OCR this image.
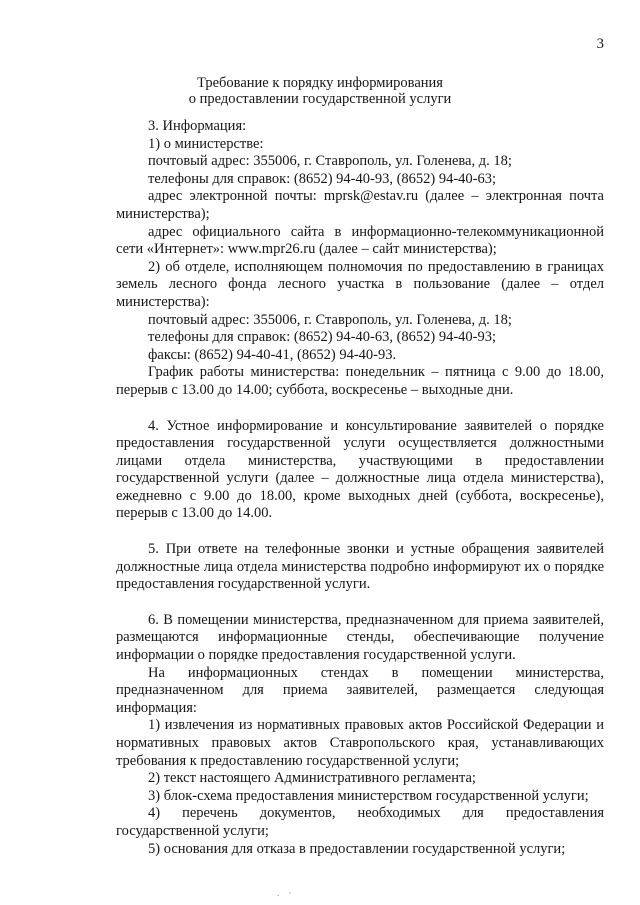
3
Требование к порядку информирования
о предоставлении государственной услуги

3. Информация:

1) о министерстве:

почтовый адрес: 355006, г. Ставрополь, ул. Голенева, д. 18;

телефоны для справок: (8652) 94-40-93, (8652) 94-40-63;

адрес электронной почты: mprsk@estav.ru (далее – электронная почта министерства);

адрес официального сайта в информационно-телекоммуникационной сети «Интернет»: www.mpr26.ru (далее – сайт министерства);

2) об отделе, исполняющем полномочия по предоставлению в границах земель лесного фонда лесного участка в пользование (далее – отдел министерства):

почтовый адрес: 355006, г. Ставрополь, ул. Голенева, д. 18;

телефоны для справок: (8652) 94-40-63, (8652) 94-40-93;

факсы: (8652) 94-40-41, (8652) 94-40-93.

График работы министерства: понедельник – пятница с 9.00 до 18.00, перерыв с 13.00 до 14.00; суббота, воскресенье – выходные дни.

4. Устное информирование и консультирование заявителей о порядке предоставления государственной услуги осуществляется должностными лицами отдела министерства, участвующими в предоставлении государственной услуги (далее – должностные лица отдела министерства), ежедневно с 9.00 до 18.00, кроме выходных дней (суббота, воскресенье), перерыв с 13.00 до 14.00.

5. При ответе на телефонные звонки и устные обращения заявителей должностные лица отдела министерства подробно информируют их о порядке предоставления государственной услуги.

6. В помещении министерства, предназначенном для приема заявителей, размещаются информационные стенды, обеспечивающие получение информации о порядке предоставления государственной услуги.

На информационных стендах в помещении министерства, предназначенном для приема заявителей, размещается следующая информация:

1) извлечения из нормативных правовых актов Российской Федерации и нормативных правовых актов Ставропольского края, устанавливающих требования к предоставлению государственной услуги;

2) текст настоящего Административного регламента;

3) блок-схема предоставления министерством государственной услуги;

4) перечень документов, необходимых для предоставления государственной услуги;

5) основания для отказа в предоставлении государственной услуги;

.    ·
